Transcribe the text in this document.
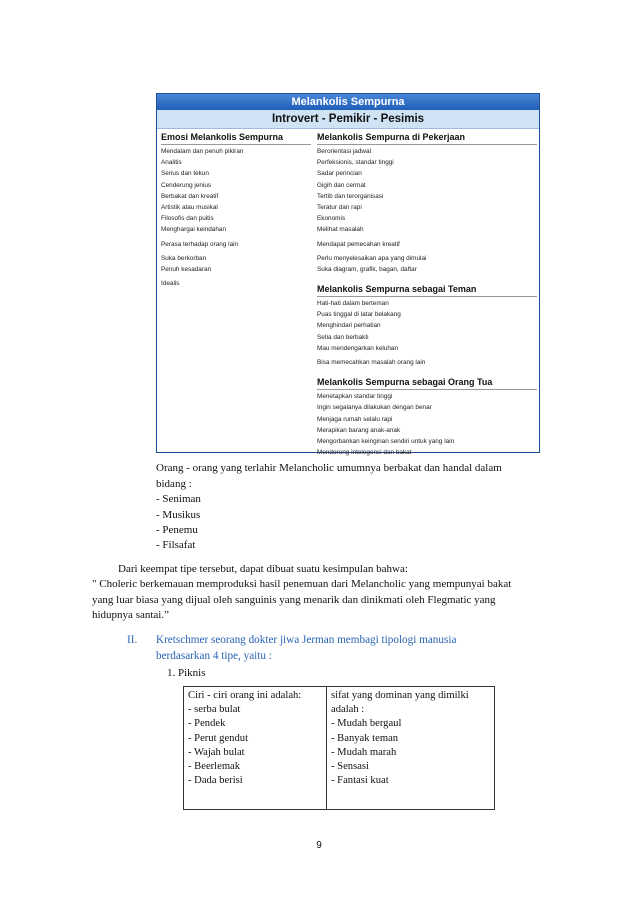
Melankolis Sempurna
Introvert - Pemikir - Pesimis
Emosi Melankolis Sempurna
Mendalam dan penuh pikiran
Analitis
Serius dan tekun
Cenderung jenius
Berbakat dan kreatif
Artistik atau musikal
Filosofis dan puitis
Menghargai keindahan
Perasa terhadap orang lain
Suka berkorban
Penuh kesadaran
Idealis
Melankolis Sempurna di Pekerjaan
Berorientasi jadwal
Perfeksionis, standar tinggi
Sadar perincian
Gigih dan cermat
Tertib dan terorganisasi
Teratur dan rapi
Ekonomis
Melihat masalah
Mendapat pemecahan kreatif
Perlu menyelesaikan apa yang dimulai
Suka diagram, grafik, bagan, daftar
Melankolis Sempurna sebagai Teman
Hati-hati dalam berteman
Puas tinggal di latar belakang
Menghindari perhatian
Setia dan berbakti
Mau mendengarkan keluhan
Bisa memecahkan masalah orang lain
Melankolis Sempurna sebagai Orang Tua
Menetapkan standar tinggi
Ingin segalanya dilakukan dengan benar
Menjaga rumah selalu rapi
Merapikan barang anak-anak
Mengorbankan keinginan sendiri untuk yang lain
Mendorong intelegensi dan bakat
Orang - orang yang terlahir Melancholic umumnya berbakat dan handal dalam
bidang :
- Seniman
- Musikus
- Penemu
- Filsafat
Dari keempat tipe tersebut, dapat dibuat suatu kesimpulan bahwa:
" Choleric berkemauan memproduksi hasil penemuan dari Melancholic yang mempunyai bakat
yang luar biasa yang dijual oleh sanguinis yang menarik dan dinikmati oleh Flegmatic yang
hidupnya santai.”
II. Kretschmer seorang dokter jiwa Jerman membagi tipologi manusia
berdasarkan 4 tipe, yaitu :
1. Piknis
Ciri - ciri orang ini adalah:
- serba bulat
- Pendek
- Perut gendut
- Wajah bulat
- Beerlemak
- Dada berisi
sifat yang dominan yang dimilki
adalah :
- Mudah bergaul
- Banyak teman
- Mudah marah
- Sensasi
- Fantasi kuat
9
